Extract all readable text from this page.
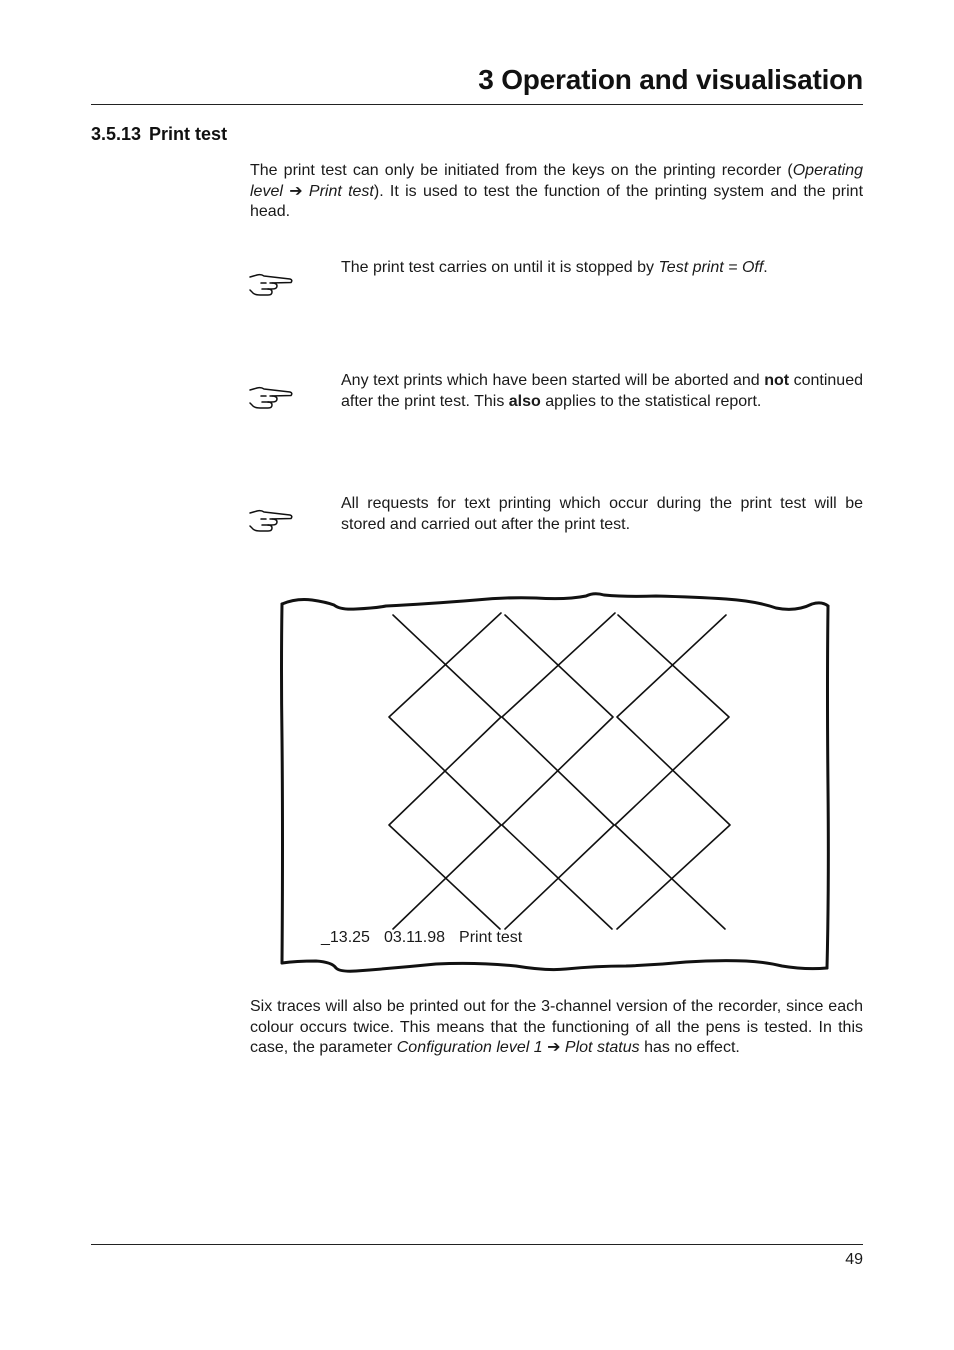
3 Operation and visualisation
3.5.13 Print test

The print test can only be initiated from the keys on the printing recorder (Operating level ➔ Print test). It is used to test the function of the printing system and the print head.

The print test carries on until it is stopped by Test print = Off.

Any text prints which have been started will be aborted and not continued after the print test. This also applies to the statistical report.

All requests for text printing which occur during the print test will be stored and carried out after the print test.

_13.25 03.11.98 Print test

Six traces will also be printed out for the 3-channel version of the recorder, since each colour occurs twice. This means that the functioning of all the pens is tested. In this case, the parameter Configuration level 1 ➔ Plot status has no effect.

49
